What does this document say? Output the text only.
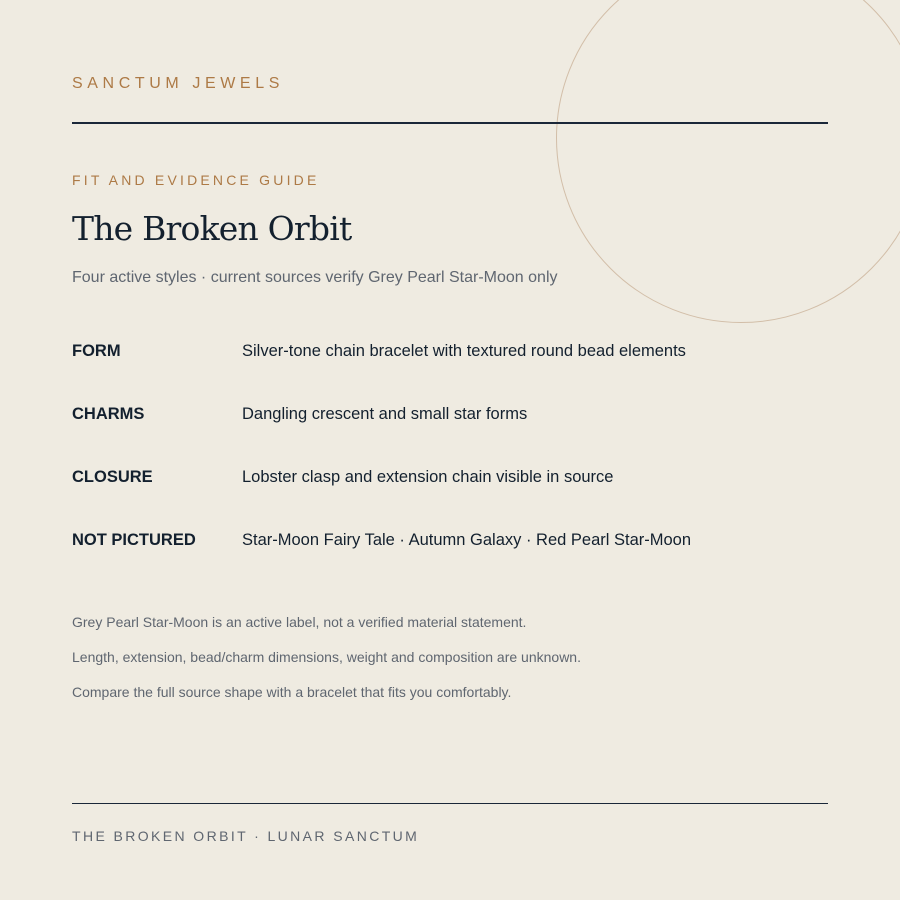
SANCTUM JEWELS
FIT AND EVIDENCE GUIDE
The Broken Orbit
Four active styles · current sources verify Grey Pearl Star-Moon only
FORM	Silver-tone chain bracelet with textured round bead elements
CHARMS	Dangling crescent and small star forms
CLOSURE	Lobster clasp and extension chain visible in source
NOT PICTURED	Star-Moon Fairy Tale · Autumn Galaxy · Red Pearl Star-Moon
Grey Pearl Star-Moon is an active label, not a verified material statement.
Length, extension, bead/charm dimensions, weight and composition are unknown.
Compare the full source shape with a bracelet that fits you comfortably.
THE BROKEN ORBIT · LUNAR SANCTUM
